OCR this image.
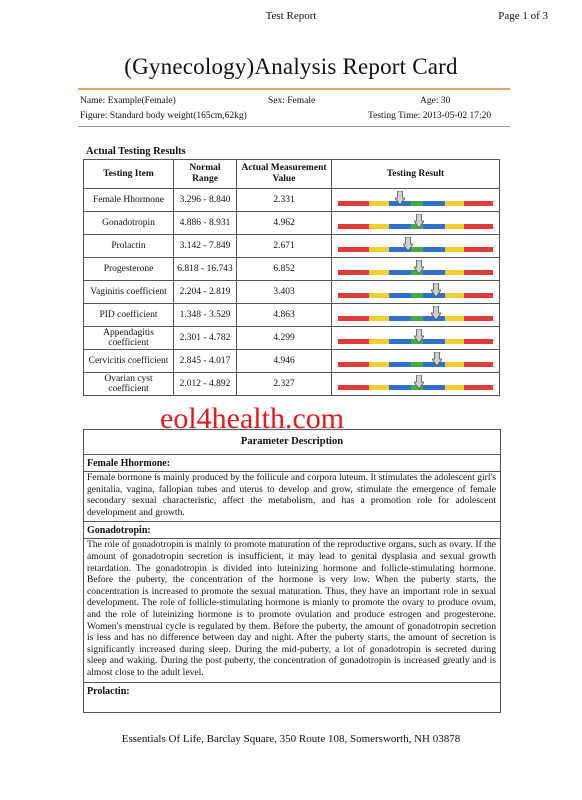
Test Report	Page 1 of 3
(Gynecology)Analysis Report Card
Name: Example(Female)	Sex: Female	Age: 30
Figure: Standard body weight(165cm,62kg)	Testing Time: 2013-05-02 17:20
Actual Testing Results
Testing Item	Normal Range	Actual Measurement Value	Testing Result
Female Hhormone	3.296 - 8.840	2.331	

Gonadotropin	4.886 - 8.931	4.962	

Prolactin	3.142 - 7.849	2.671	

Progesterone	6.818 - 16.743	6.852	

Vaginitis coefficient	2.204 - 2.819	3.403	

PID coefficient	1.348 - 3.529	4.863	

Appendagitis coefficient	2.301 - 4.782	4.299	

Cervicitis coefficient	2.845 - 4.017	4.946	

Ovarian cyst coefficient	2.012 - 4.892	2.327	
eol4health.com
Parameter Description
Female Hhormone:
Female bormone is mainly produced by the follicule and corpora luteum. It stimulates the adolescent girl's genitalia, vagina, fallopian tubes and uterus to develop and grow, stimulate the emergence of female secondary sexual characteristic, affect the metabolism, and has a promotion role for adolescent development and growth.
Gonadotropin:
The role of gonadotropin is mainly to promote maturation of the reproductive organs, such as ovary. If the amount of gonadotropin secretion is insufficient, it may lead to genital dysplasia and sexual growth retardation. The gonadotropin is divided into luteinizing hormone and follicle-stimulating hormone. Before the puberty, the concentration of the hormone is very low. When the puberty starts, the concentration is increased to promote the sexual maturation. Thus, they have an important role in sexual development. The role of follicle-stimulating hormone is mianly to promote the ovary to produce ovum, and the role of luteinizing hormone is to promote ovulation and produce estrogen and progesterone. Women's menstrual cycle is regulated by them. Before the puberty, the amount of gonadotropin secretion is less and has no difference between day and night. After the puberty starts, the amount of secretion is significantly increased during sleep. During the mid-puberty, a lot of gonadotropin is secreted during sleep and waking. During the post puberty, the concentration of gonadotropin is increased greatly and is almost close to the adult level.
Prolactin:
Essentials Of Life, Barclay Square, 350 Route 108, Somersworth, NH 03878
